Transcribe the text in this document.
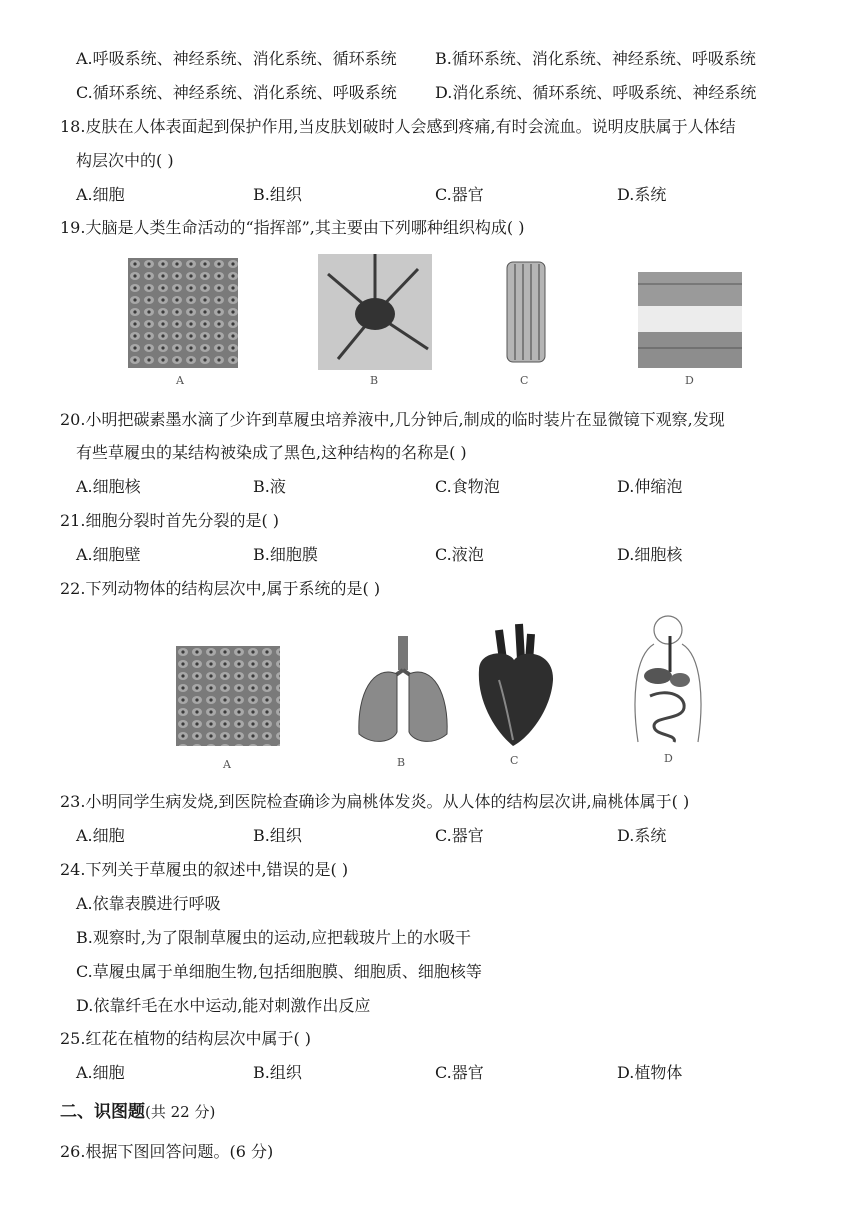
A.呼吸系统、神经系统、消化系统、循环系统 B.循环系统、消化系统、神经系统、呼吸系统
C.循环系统、神经系统、消化系统、呼吸系统 D.消化系统、循环系统、呼吸系统、神经系统
18.皮肤在人体表面起到保护作用,当皮肤划破时人会感到疼痛,有时会流血。说明皮肤属于人体结
构层次中的( )
A.细胞	B.组织	C.器官	D.系统
19.大脑是人类生命活动的“指挥部”,其主要由下列哪种组织构成( )
A	B	C	D
20.小明把碳素墨水滴了少许到草履虫培养液中,几分钟后,制成的临时装片在显微镜下观察,发现
有些草履虫的某结构被染成了黑色,这种结构的名称是( )
A.细胞核	B.液	C.食物泡	D.伸缩泡
21.细胞分裂时首先分裂的是( )
A.细胞壁	B.细胞膜	C.液泡	D.细胞核
22.下列动物体的结构层次中,属于系统的是( )
A	B	C	D
23.小明同学生病发烧,到医院检查确诊为扁桃体发炎。从人体的结构层次讲,扁桃体属于( )
A.细胞	B.组织	C.器官	D.系统
24.下列关于草履虫的叙述中,错误的是( )
A.依靠表膜进行呼吸
B.观察时,为了限制草履虫的运动,应把载玻片上的水吸干
C.草履虫属于单细胞生物,包括细胞膜、细胞质、细胞核等
D.依靠纤毛在水中运动,能对刺激作出反应
25.红花在植物的结构层次中属于( )
A.细胞	B.组织	C.器官	D.植物体
二、识图题(共 22 分)
26.根据下图回答问题。(6 分)
